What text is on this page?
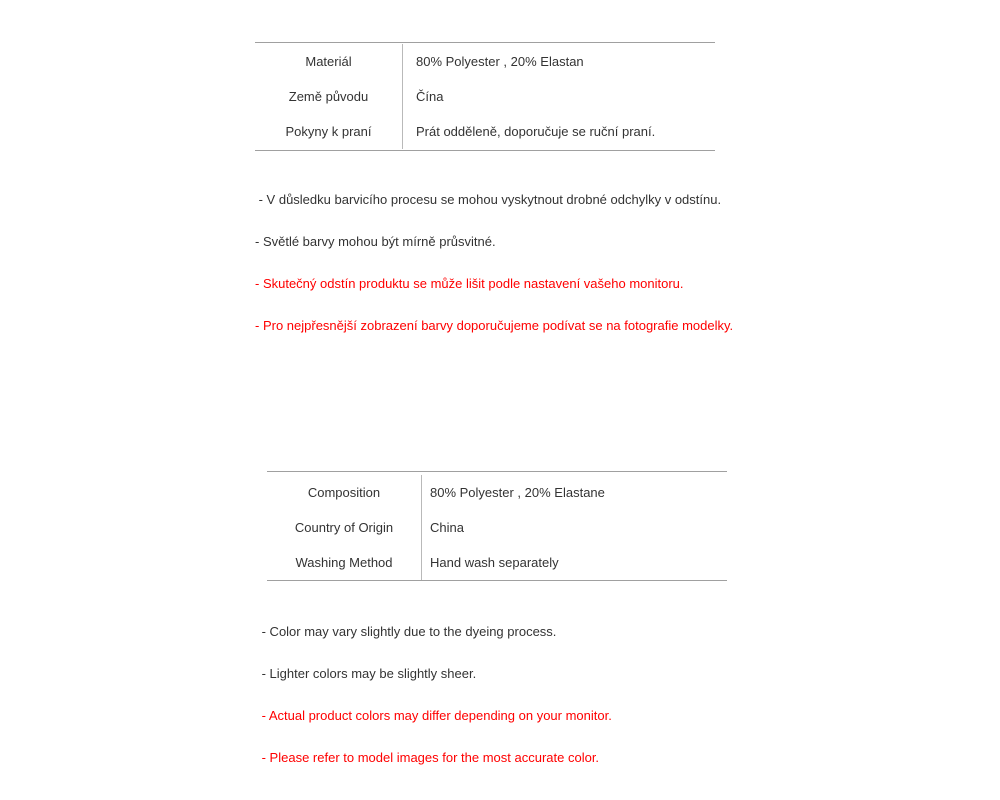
Materiál	80% Polyester , 20% Elastan
Země původu	Čína
Pokyny k praní	Prát odděleně, doporučuje se ruční praní.
- V důsledku barvicího procesu se mohou vyskytnout drobné odchylky v odstínu.
- Světlé barvy mohou být mírně průsvitné.
- Skutečný odstín produktu se může lišit podle nastavení vašeho monitoru.
- Pro nejpřesnější zobrazení barvy doporučujeme podívat se na fotografie modelky.
Composition	80% Polyester , 20% Elastane
Country of Origin	China
Washing Method	Hand wash separately
- Color may vary slightly due to the dyeing process.
- Lighter colors may be slightly sheer.
- Actual product colors may differ depending on your monitor.
- Please refer to model images for the most accurate color.
